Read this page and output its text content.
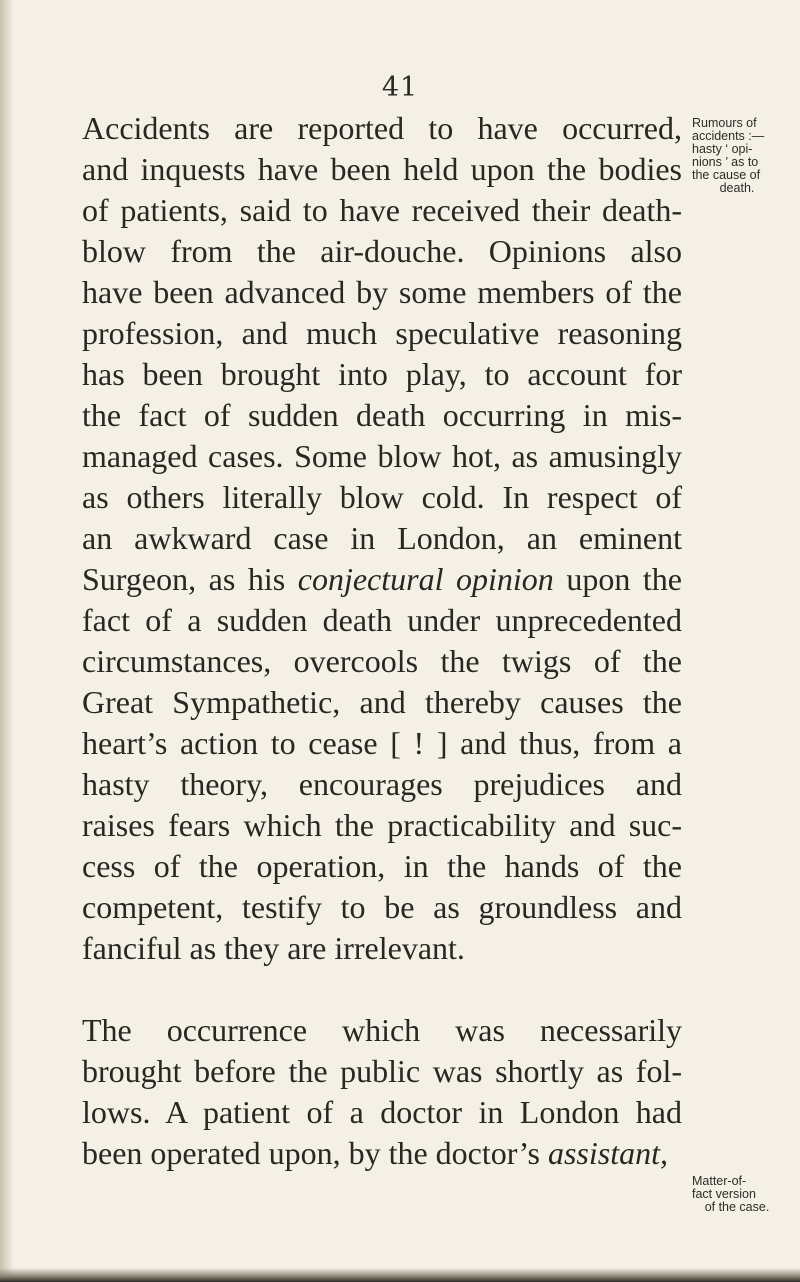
41
Accidents are reported to have occurred,
and inquests have been held upon the bodies
of patients, said to have received their death-
blow from the air-douche. Opinions also
have been advanced by some members of the
profession, and much speculative reasoning
has been brought into play, to account for
the fact of sudden death occurring in mis-
managed cases. Some blow hot, as amusingly
as others literally blow cold. In respect of
an awkward case in London, an eminent
Surgeon, as his conjectural opinion upon the
fact of a sudden death under unprecedented
circumstances, overcools the twigs of the
Great Sympathetic, and thereby causes the
heart’s action to cease [ ! ] and thus, from a
hasty theory, encourages prejudices and
raises fears which the practicability and suc-
cess of the operation, in the hands of the
competent, testify to be as groundless and
fanciful as they are irrelevant.
The occurrence which was necessarily
brought before the public was shortly as fol-
lows. A patient of a doctor in London had
been operated upon, by the doctor’s assistant,
Rumours of
accidents :—
hasty ‘ opi-
nions ’ as to
the cause of
death.
Matter-of-
fact version
of the case.
